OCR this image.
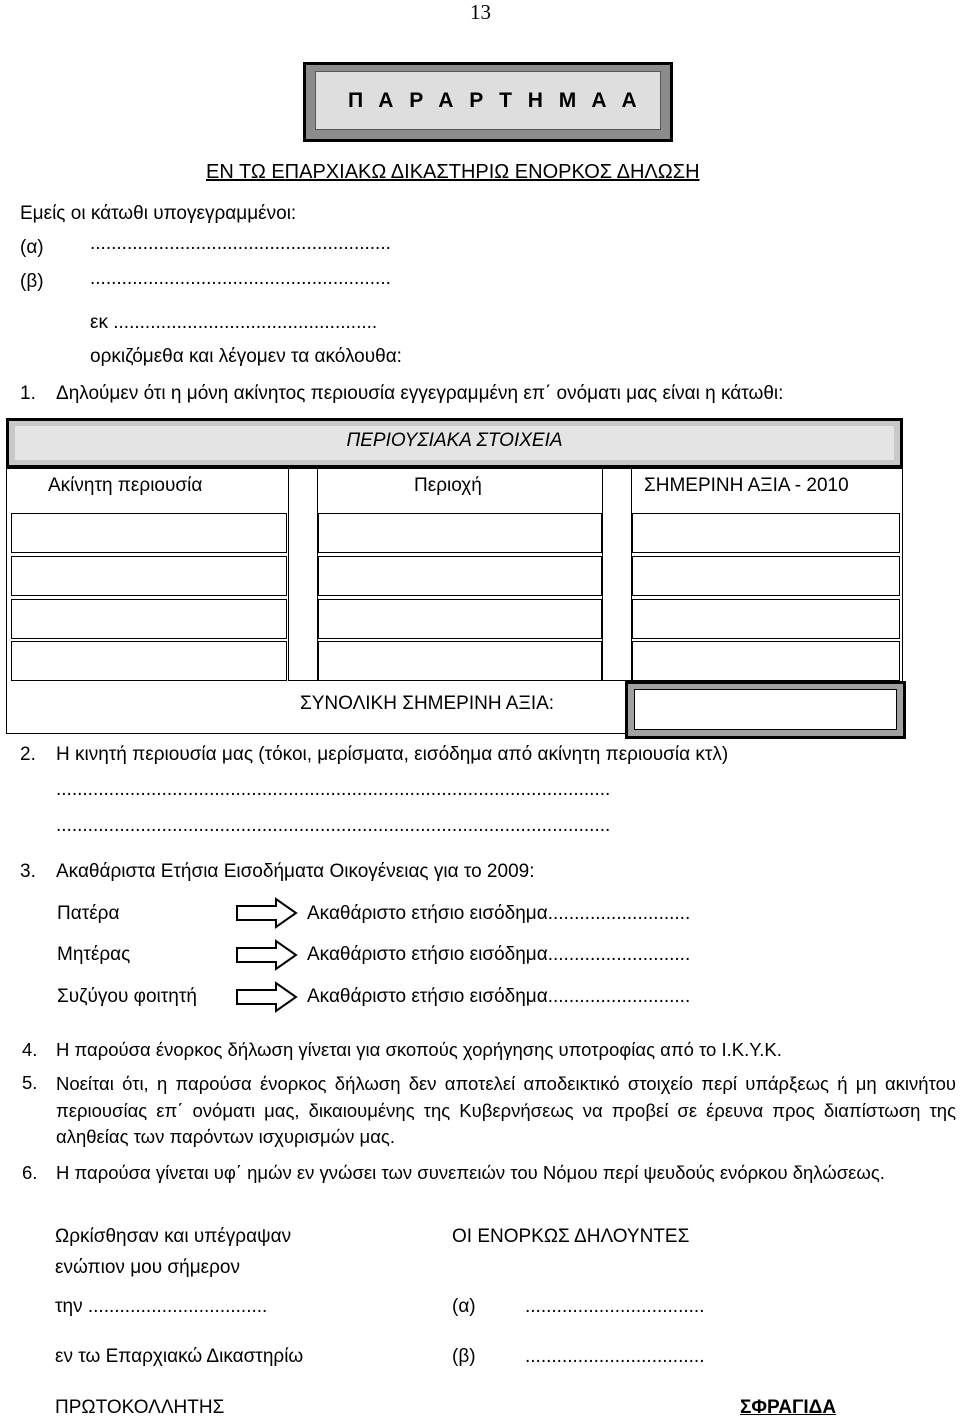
13
Π Α Ρ Α Ρ Τ Η Μ Α Α
ΕΝ ΤΩ ΕΠΑΡΧΙΑΚΩ ΔΙΚΑΣΤΗΡΙΩ ΕΝΟΡΚΟΣ ΔΗΛΩΣΗ
Εμείς οι κάτωθι υπογεγραμμένοι:
(α) .........................................................
(β) .........................................................
εκ ..................................................
ορκιζόμεθα και λέγομεν τα ακόλουθα:
1. Δηλούμεν ότι η μόνη ακίνητος περιουσία εγγεγραμμένη επ΄ ονόματι μας είναι η κάτωθι:
ΠΕΡΙΟΥΣΙΑΚΑ ΣΤΟΙΧΕΙΑ
Ακίνητη περιουσία	Περιοχή	ΣΗΜΕΡΙΝΗ ΑΞΙΑ - 2010
ΣΥΝΟΛΙΚΗ ΣΗΜΕΡΙΝΗ ΑΞΙΑ:
2. Η κινητή περιουσία μας (τόκοι, μερίσματα, εισόδημα από ακίνητη περιουσία κτλ)
.........................................................................................................
.........................................................................................................
3. Ακαθάριστα Ετήσια Εισοδήματα Οικογένειας για το 2009:
Πατέρα	Ακαθάριστο ετήσιο εισόδημα...........................
Μητέρας	Ακαθάριστο ετήσιο εισόδημα...........................
Συζύγου φοιτητή	Ακαθάριστο ετήσιο εισόδημα...........................
4. Η παρούσα ένορκος δήλωση γίνεται για σκοπούς χορήγησης υποτροφίας από το Ι.Κ.Υ.Κ.
5. Νοείται ότι, η παρούσα ένορκος δήλωση δεν αποτελεί αποδεικτικό στοιχείο περί υπάρξεως ή μη ακινήτου περιουσίας επ΄ ονόματι μας, δικαιουμένης της Κυβερνήσεως να προβεί σε έρευνα προς διαπίστωση της αληθείας των παρόντων ισχυρισμών μας.
6. Η παρούσα γίνεται υφ΄ ημών εν γνώσει των συνεπειών του Νόμου περί ψευδούς ενόρκου δηλώσεως.
Ωρκίσθησαν και υπέγραψαν
ενώπιον μου σήμερον
ΟΙ ΕΝΟΡΚΩΣ ΔΗΛΟΥΝΤΕΣ
την ..................................	(α)	..................................
εν τω Επαρχιακώ Δικαστηρίω	(β)	..................................
ΠΡΩΤΟΚΟΛΛΗΤΗΣ	ΣΦΡΑΓΙΔΑ
